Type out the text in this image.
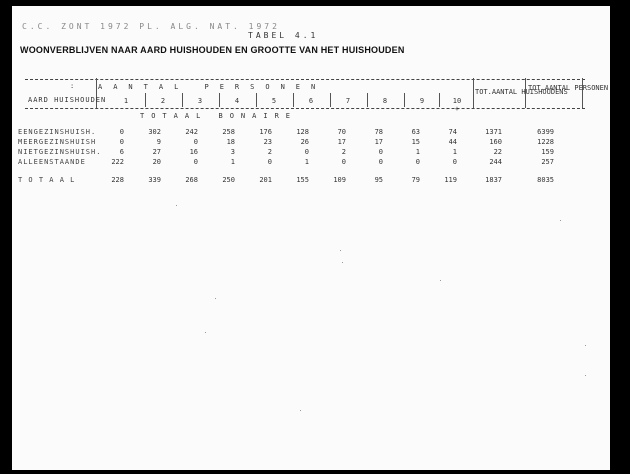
C.C. ZONT 1972 PL. ALG. NAT. 1972
TABEL 4.1
WOONVERBLIJVEN NAAR AARD HUISHOUDEN EN GROOTTE VAN HET HUISHOUDEN
:	AANTAL PERSONEN
AARD HUISHOUDEN
TOT.AANTAL HUISHOUDENS
TOT.AANTAL PERSONEN
1	2	3	4	5	6	7	8	9	10 +
TOTAAL BONAIRE
EENGEZINSHUISH.	0	302	242	258	176	128	70	78	63	74	1371	6399
MEERGEZINSHUISH	0	9	0	18	23	26	17	17	15	44	160	1228
NIETGEZINSHUISH.	6	27	16	3	2	0	2	0	1	1	22	159
ALLEENSTAANDE	222	20	0	1	0	1	0	0	0	0	244	257
T O T A A L	228	339	268	250	201	155	109	95	79	119	1837	8035
